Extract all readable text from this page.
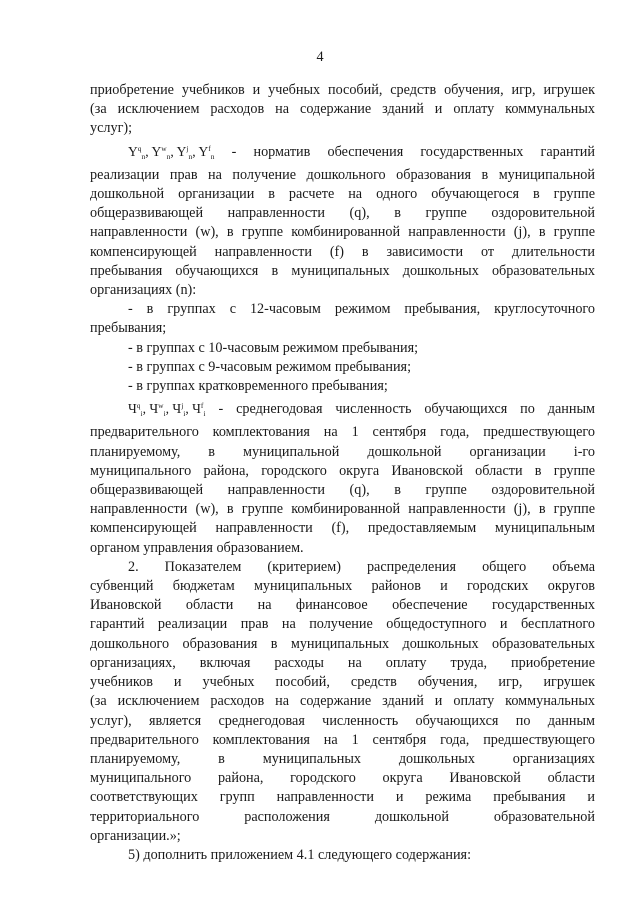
4
приобретение учебников и учебных пособий, средств обучения, игр, игрушек
(за исключением расходов на содержание зданий и оплату коммунальных
услуг);
$Y^q_n$, $Y^w_n$, $Y^j_n$, $Y^f_n$ - норматив обеспечения государственных гарантий
реализации прав на получение дошкольного образования в муниципальной
дошкольной организации в расчете на одного обучающегося в группе
общеразвивающей направленности (q), в группе оздоровительной
направленности (w), в группе комбинированной направленности (j), в группе
компенсирующей направленности (f) в зависимости от длительности
пребывания обучающихся в муниципальных дошкольных образовательных
организациях (n):
- в группах с 12-часовым режимом пребывания, круглосуточного
пребывания;
- в группах с 10-часовым режимом пребывания;
- в группах с 9-часовым режимом пребывания;
- в группах кратковременного пребывания;
$Ч^q_i$, $Ч^w_i$, $Ч^j_i$, $Ч^f_i$ - среднегодовая численность обучающихся по данным
предварительного комплектования на 1 сентября года, предшествующего
планируемому, в муниципальной дошкольной организации i-го
муниципального района, городского округа Ивановской области в группе
общеразвивающей направленности (q), в группе оздоровительной
направленности (w), в группе комбинированной направленности (j), в группе
компенсирующей направленности (f), предоставляемым муниципальным
органом управления образованием.
2. Показателем (критерием) распределения общего объема
субвенций бюджетам муниципальных районов и городских округов
Ивановской области на финансовое обеспечение государственных
гарантий реализации прав на получение общедоступного и бесплатного
дошкольного образования в муниципальных дошкольных образовательных
организациях, включая расходы на оплату труда, приобретение
учебников и учебных пособий, средств обучения, игр, игрушек
(за исключением расходов на содержание зданий и оплату коммунальных
услуг), является среднегодовая численность обучающихся по данным
предварительного комплектования на 1 сентября года, предшествующего
планируемому, в муниципальных дошкольных организациях
муниципального района, городского округа Ивановской области
соответствующих групп направленности и режима пребывания и
территориального расположения дошкольной образовательной
организации.»;
5) дополнить приложением 4.1 следующего содержания:
